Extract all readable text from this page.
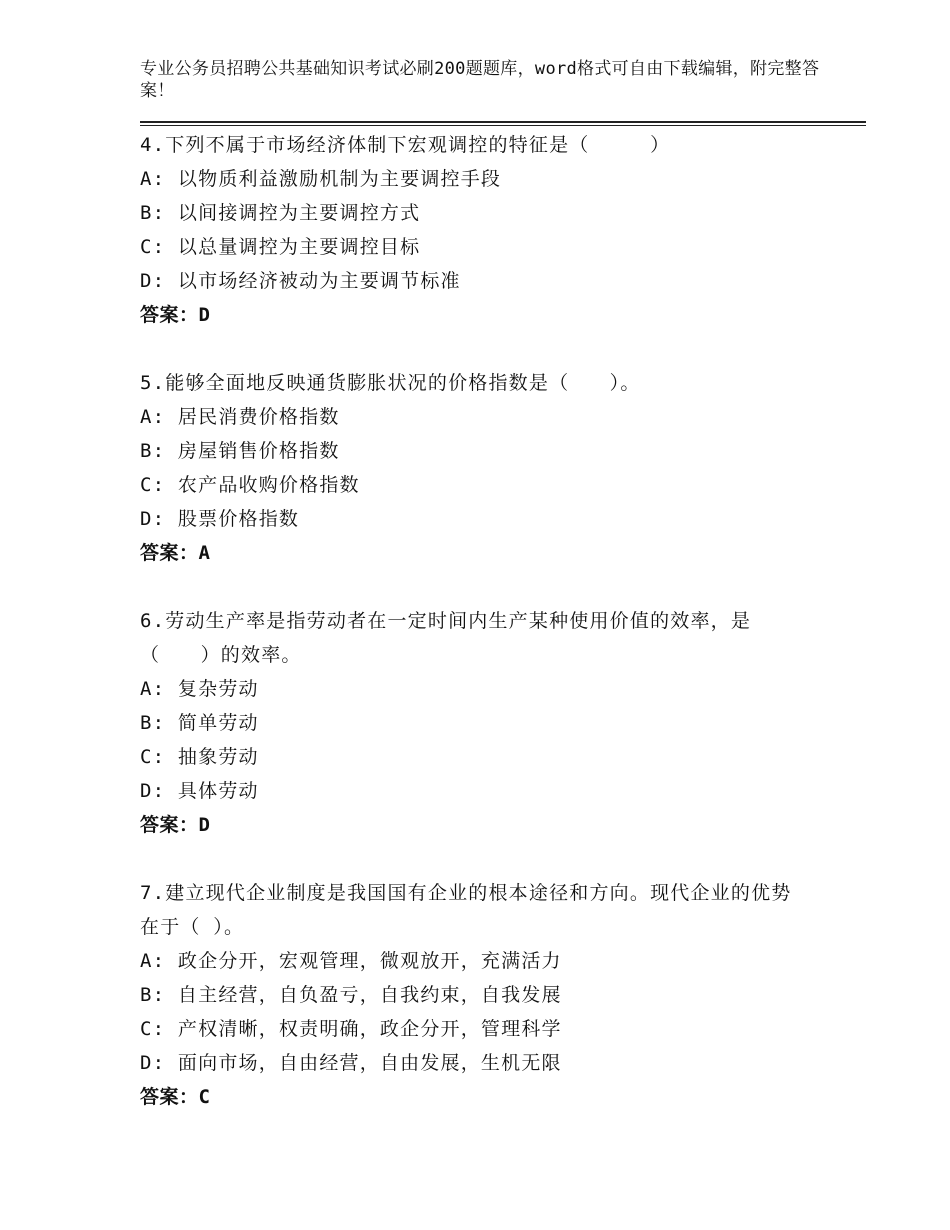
专业公务员招聘公共基础知识考试必刷200题题库，word格式可自由下载编辑，附完整答案！
4.下列不属于市场经济体制下宏观调控的特征是（　　　）
A: 以物质利益激励机制为主要调控手段
B: 以间接调控为主要调控方式
C: 以总量调控为主要调控目标
D: 以市场经济被动为主要调节标准
答案：D
5.能够全面地反映通货膨胀状况的价格指数是（　　）。
A: 居民消费价格指数
B: 房屋销售价格指数
C: 农产品收购价格指数
D: 股票价格指数
答案：A
6.劳动生产率是指劳动者在一定时间内生产某种使用价值的效率，是（　　）的效率。
A: 复杂劳动
B: 简单劳动
C: 抽象劳动
D: 具体劳动
答案：D
7.建立现代企业制度是我国国有企业的根本途径和方向。现代企业的优势在于（ ）。
A: 政企分开，宏观管理，微观放开，充满活力
B: 自主经营，自负盈亏，自我约束，自我发展
C: 产权清晰，权责明确，政企分开，管理科学
D: 面向市场，自由经营，自由发展，生机无限
答案：C
